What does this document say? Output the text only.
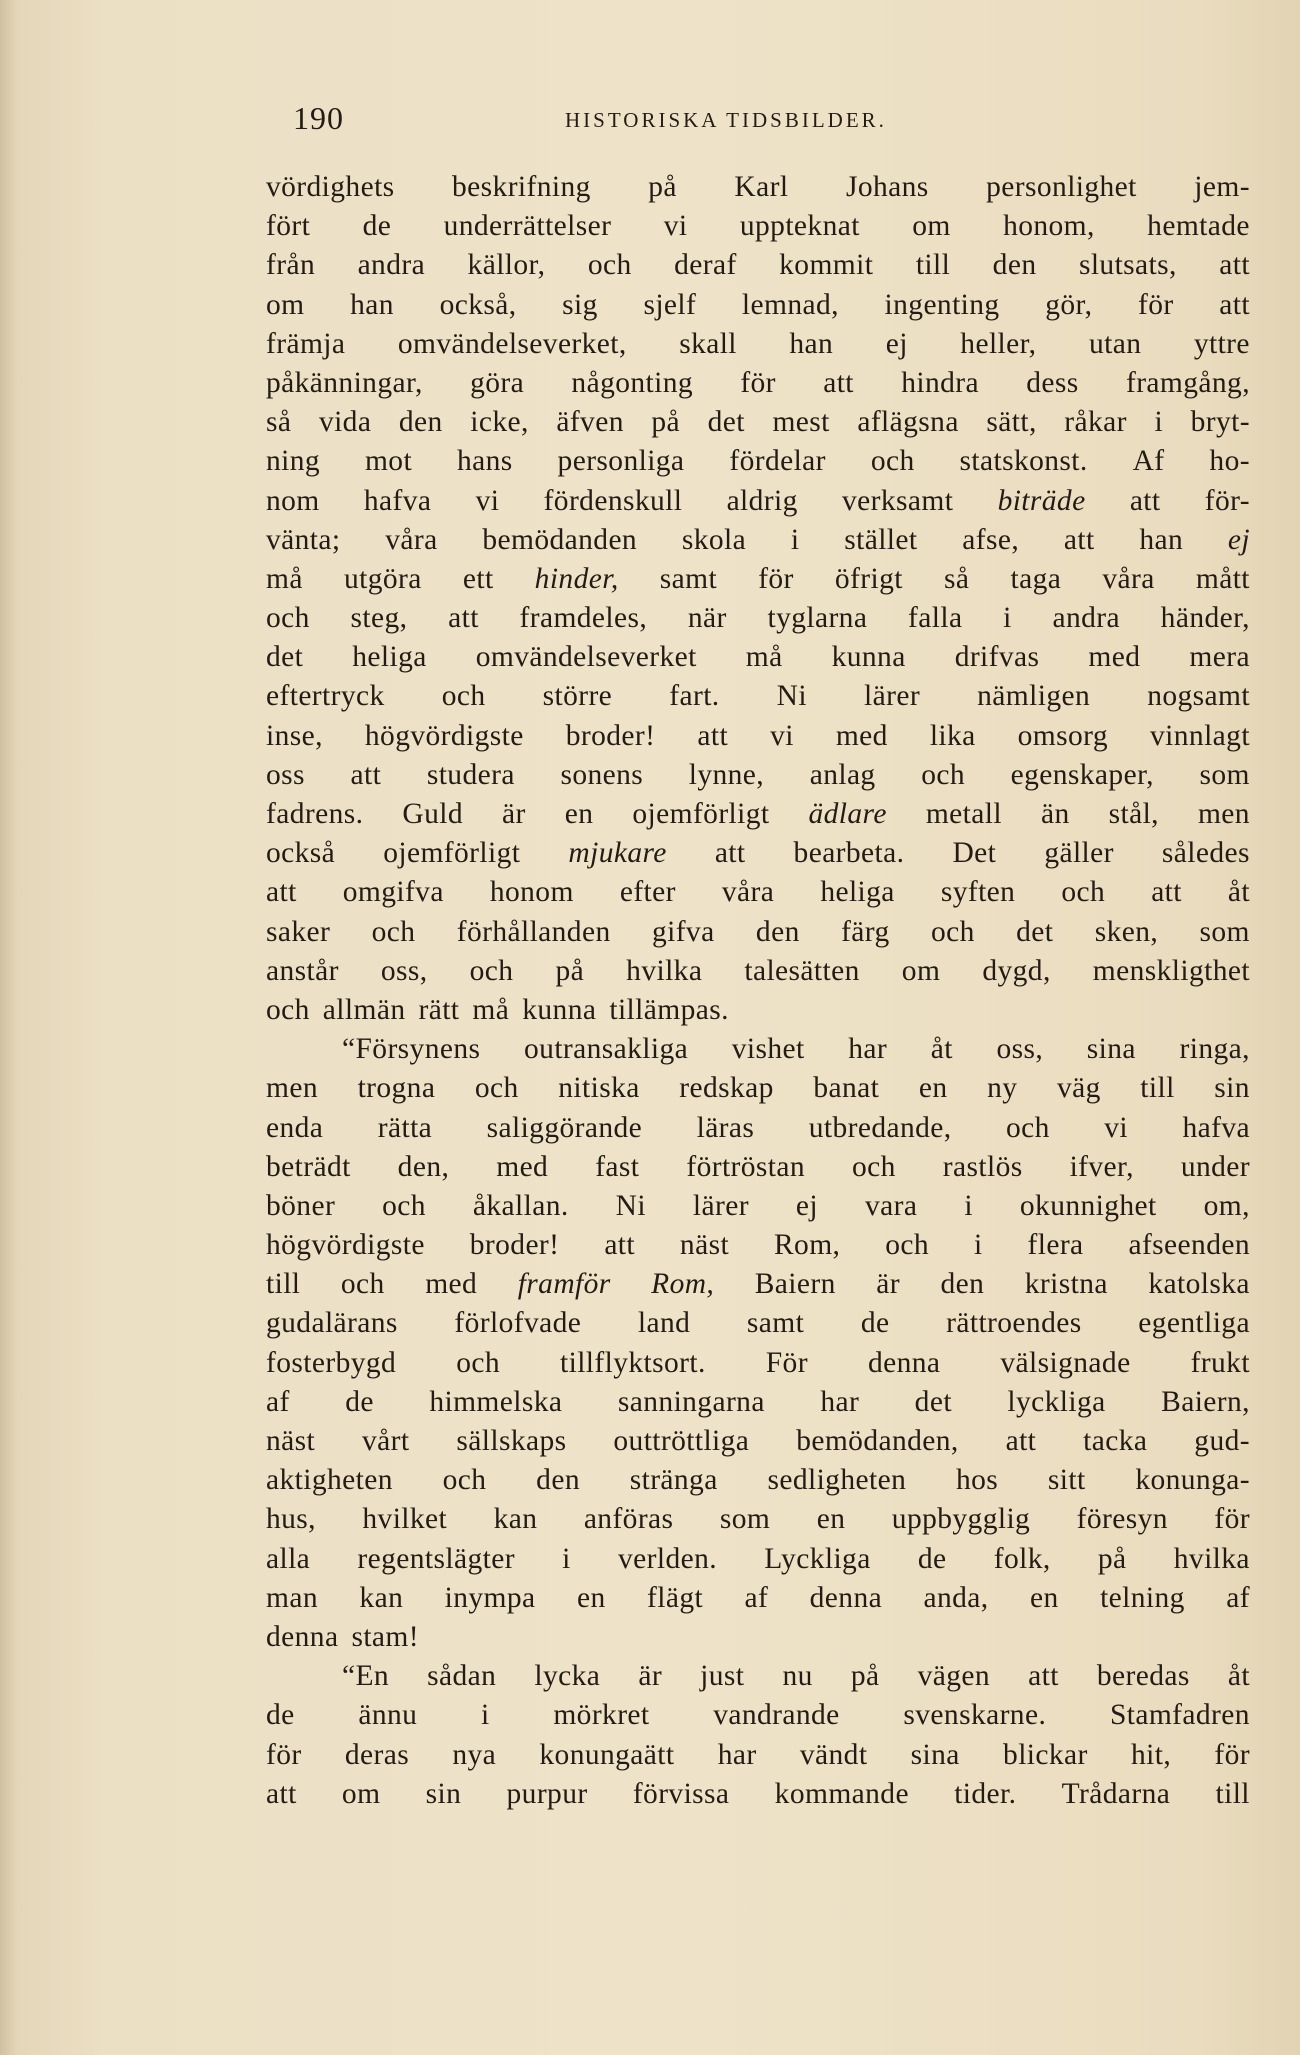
190	HISTORISKA TIDSBILDER.
vördighets beskrifning på Karl Johans personlighet jem-
fört de underrättelser vi uppteknat om honom, hemtade
från andra källor, och deraf kommit till den slutsats, att
om han också, sig sjelf lemnad, ingenting gör, för att
främja omvändelseverket, skall han ej heller, utan yttre
påkänningar, göra någonting för att hindra dess framgång,
så vida den icke, äfven på det mest aflägsna sätt, råkar i bryt-
ning mot hans personliga fördelar och statskonst. Af ho-
nom hafva vi fördenskull aldrig verksamt biträde att för-
vänta; våra bemödanden skola i stället afse, att han ej
må utgöra ett hinder, samt för öfrigt så taga våra mått
och steg, att framdeles, när tyglarna falla i andra händer,
det heliga omvändelseverket må kunna drifvas med mera
eftertryck och större fart. Ni lärer nämligen nogsamt
inse, högvördigste broder! att vi med lika omsorg vinnlagt
oss att studera sonens lynne, anlag och egenskaper, som
fadrens. Guld är en ojemförligt ädlare metall än stål, men
också ojemförligt mjukare att bearbeta. Det gäller således
att omgifva honom efter våra heliga syften och att åt
saker och förhållanden gifva den färg och det sken, som
anstår oss, och på hvilka talesätten om dygd, menskligthet
och allmän rätt må kunna tillämpas.
“Försynens outransakliga vishet har åt oss, sina ringa,
men trogna och nitiska redskap banat en ny väg till sin
enda rätta saliggörande läras utbredande, och vi hafva
beträdt den, med fast förtröstan och rastlös ifver, under
böner och åkallan. Ni lärer ej vara i okunnighet om,
högvördigste broder! att näst Rom, och i flera afseenden
till och med framför Rom, Baiern är den kristna katolska
gudalärans förlofvade land samt de rättroendes egentliga
fosterbygd och tillflyktsort. För denna välsignade frukt
af de himmelska sanningarna har det lyckliga Baiern,
näst vårt sällskaps outtröttliga bemödanden, att tacka gud-
aktigheten och den stränga sedligheten hos sitt konunga-
hus, hvilket kan anföras som en uppbygglig föresyn för
alla regentslägter i verlden. Lyckliga de folk, på hvilka
man kan inympa en flägt af denna anda, en telning af
denna stam!
“En sådan lycka är just nu på vägen att beredas åt
de ännu i mörkret vandrande svenskarne. Stamfadren
för deras nya konungaätt har vändt sina blickar hit, för
att om sin purpur förvissa kommande tider. Trådarna till
